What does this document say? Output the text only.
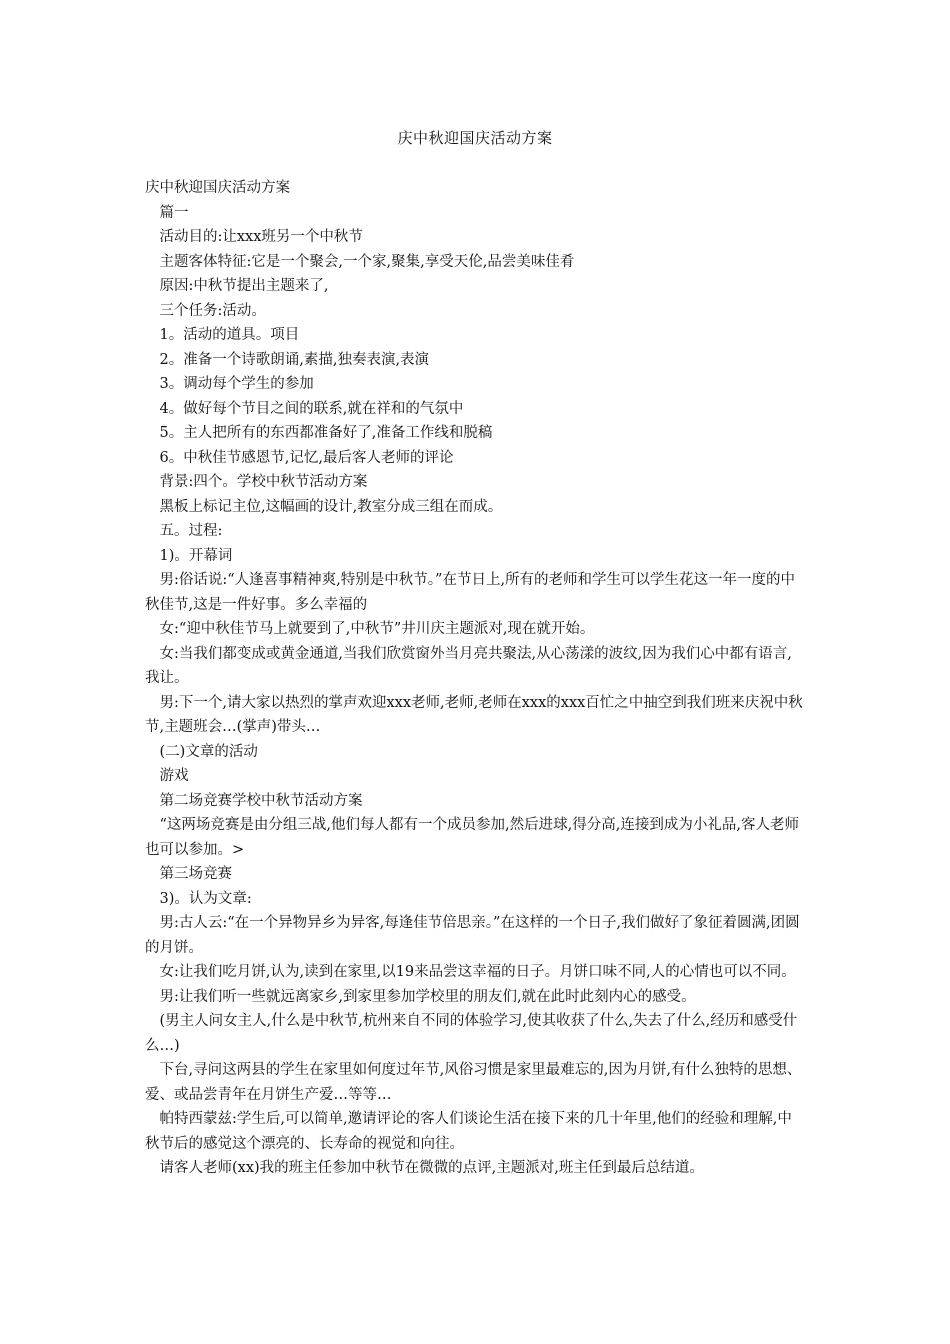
庆中秋迎国庆活动方案

庆中秋迎国庆活动方案

篇一

活动目的:让xxx班另一个中秋节

主题客体特征:它是一个聚会,一个家,聚集,享受天伦,品尝美味佳肴

原因:中秋节提出主题来了,

三个任务:活动。

1。活动的道具。项目

2。准备一个诗歌朗诵,素描,独奏表演,表演

3。调动每个学生的参加

4。做好每个节目之间的联系,就在祥和的气氛中

5。主人把所有的东西都准备好了,准备工作线和脱稿

6。中秋佳节感恩节,记忆,最后客人老师的评论

背景:四个。学校中秋节活动方案

黑板上标记主位,这幅画的设计,教室分成三组在而成。

五。过程:

1)。开幕词

男:俗话说:“人逢喜事精神爽,特别是中秋节。”在节日上,所有的老师和学生可以学生花这一年一度的中秋佳节,这是一件好事。多么幸福的

女:“迎中秋佳节马上就要到了,中秋节”井川庆主题派对,现在就开始。

女:当我们都变成或黄金通道,当我们欣赏窗外当月亮共聚法,从心荡漾的波纹,因为我们心中都有语言,我让。

男:下一个,请大家以热烈的掌声欢迎xxx老师,老师,老师在xxx的xxx百忙之中抽空到我们班来庆祝中秋节,主题班会…(掌声)带头…

(二)文章的活动

游戏

第二场竞赛学校中秋节活动方案

“这两场竞赛是由分组三战,他们每人都有一个成员参加,然后进球,得分高,连接到成为小礼品,客人老师也可以参加。>

第三场竞赛

3)。认为文章:

男:古人云:“在一个异物异乡为异客,每逢佳节倍思亲。”在这样的一个日子,我们做好了象征着圆满,团圆的月饼。

女:让我们吃月饼,认为,读到在家里,以19来品尝这幸福的日子。月饼口味不同,人的心情也可以不同。

男:让我们听一些就远离家乡,到家里参加学校里的朋友们,就在此时此刻内心的感受。

(男主人问女主人,什么是中秋节,杭州来自不同的体验学习,使其收获了什么,失去了什么,经历和感受什么…)

下台,寻问这两县的学生在家里如何度过年节,风俗习惯是家里最难忘的,因为月饼,有什么独特的思想、爱、或品尝青年在月饼生产爱…等等…

帕特西蒙兹:学生后,可以简单,邀请评论的客人们谈论生活在接下来的几十年里,他们的经验和理解,中秋节后的感觉这个漂亮的、长寿命的视觉和向往。

请客人老师(xx)我的班主任参加中秋节在微微的点评,主题派对,班主任到最后总结道。
